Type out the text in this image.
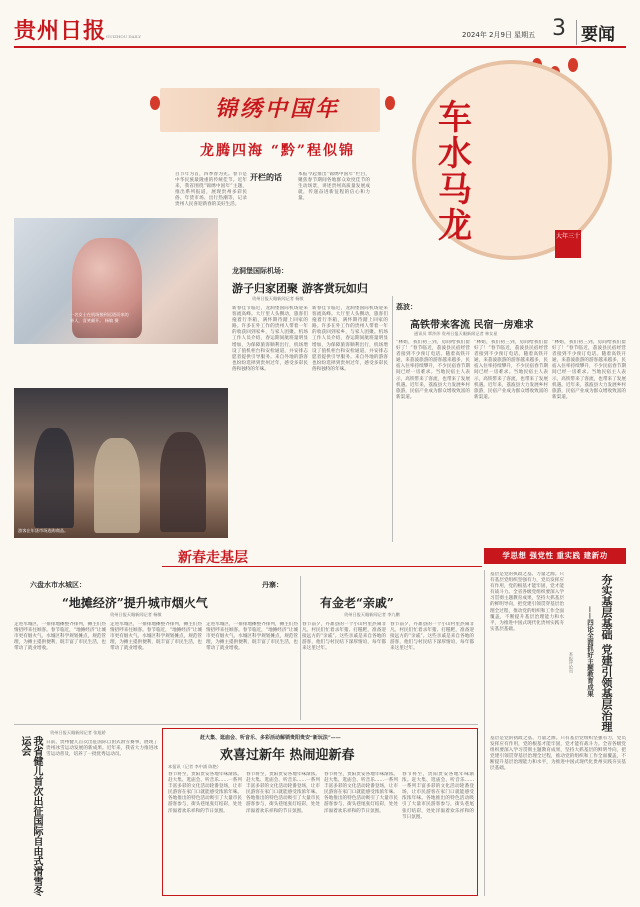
贵州日报 GUIZHOU DAILY	2024年 2月9日 星期五 3 要闻
锦绣中国年
龙腾四海 “黔”程似锦
车水马龙	大年三十
开栏的话
百节年为首，四季春为先。春节是中华民族最隆重的传统佳节。近年来，我省围绕“锦绣中国年”主题，推出系列报道，展现贵州多彩民俗、年货市场、出行热潮等，记录贵州人民喜迎新春的美好生活。
本报今起推出“锦绣中国年”栏目，聚焦春节期间各地群众欢度佳节的生动场景，讲述贵州高质量发展成就，传递奋进新征程的信心和力量。
一名女士在机场接到远道而来的亲人，喜笑颜开。 杨敏 摄
龙洞堡国际机场：
游子归家团聚 游客赏玩如归
贵州日报天眼新闻记者 杨敏
新春佳节临近，龙洞堡国际机场迎来客流高峰。大厅里人头攒动，旅客们拖着行李箱，满怀期待踏上回家的路。许多在外工作的贵州人带着一年的收获回到家乡，与家人团聚。机场工作人员介绍，春运期间航班量明显增加，为保障旅客顺利出行，机场增设了值机柜台和安检通道，并安排志愿者提供引导服务。来自外地的游客也纷纷选择到贵州过年，感受多彩民俗和独特的年味。
新春佳节临近，龙洞堡国际机场迎来客流高峰。大厅里人头攒动，旅客们拖着行李箱，满怀期待踏上回家的路。许多在外工作的贵州人带着一年的收获回到家乡，与家人团聚。机场工作人员介绍，春运期间航班量明显增加，为保障旅客顺利出行，机场增设了值机柜台和安检通道，并安排志愿者提供引导服务。来自外地的游客也纷纷选择到贵州过年，感受多彩民俗和独特的年味。
荔波：
高铁带来客流 民宿一房难求
通讯员 覃莎莎 贵州日报天眼新闻记者 林女星
“林姐，我们初三到，房间给我们留好了！”春节临近，荔波县民宿经营者接到不少预订电话。随着高铁开通，来荔波旅游的游客越来越多，民宿入住率持续攀升，不少民宿春节期间已经一房难求。当地民宿主人表示，高铁带来了客流，也带来了发展机遇。近年来，荔波县大力发展乡村旅游，民宿产业成为群众增收致富的新渠道。
“林姐，我们初三到，房间给我们留好了！”春节临近，荔波县民宿经营者接到不少预订电话。随着高铁开通，来荔波旅游的游客越来越多，民宿入住率持续攀升，不少民宿春节期间已经一房难求。当地民宿主人表示，高铁带来了客流，也带来了发展机遇。近年来，荔波县大力发展乡村旅游，民宿产业成为群众增收致富的新渠道。
“林姐，我们初三到，房间给我们留好了！”春节临近，荔波县民宿经营者接到不少预订电话。随着高铁开通，来荔波旅游的游客越来越多，民宿入住率持续攀升，不少民宿春节期间已经一房难求。当地民宿主人表示，高铁带来了客流，也带来了发展机遇。近年来，荔波县大力发展乡村旅游，民宿产业成为群众增收致富的新渠道。
游客在年货市场选购商品。
新春走基层	学思想 强党性 重实践 建新功
六盘水市水城区：
“地摊经济”提升城市烟火气
贵州日报天眼新闻记者 杨敏
走进水城区，一排排地摊整齐排列，摊主们热情招呼来往顾客。春节临近，“地摊经济”让城市更有烟火气。水城区科学规划摊点，规范管理，为摊主提供便利，既丰富了市民生活，也带动了就业增收。
走进水城区，一排排地摊整齐排列，摊主们热情招呼来往顾客。春节临近，“地摊经济”让城市更有烟火气。水城区科学规划摊点，规范管理，为摊主提供便利，既丰富了市民生活，也带动了就业增收。
走进水城区，一排排地摊整齐排列，摊主们热情招呼来往顾客。春节临近，“地摊经济”让城市更有烟火气。水城区科学规划摊点，规范管理，为摊主提供便利，既丰富了市民生活，也带动了就业增收。
丹寨：
有金老“亲戚”
贵州日报天眼新闻记者 李九鹏
春节前夕，丹寨县的一个小山村里热闹非凡。村民们忙着杀年猪、打糍粑，准备迎接远方的“亲戚”。这些亲戚是来自各地的游客，他们与村民结下深厚情谊，每年都来这里过年。
春节前夕，丹寨县的一个小山村里热闹非凡。村民们忙着杀年猪、打糍粑，准备迎接远方的“亲戚”。这些亲戚是来自各地的游客，他们与村民结下深厚情谊，每年都来这里过年。
我省健儿首次出征国际自由式滑雪冬运会
贵州日报天眼新闻记者 张旭娇
日前，贵州健儿首次出征国际自由式滑雪赛事，展现了贵州冰雪运动发展的新成果。近年来，我省大力推进冰雪运动普及，培养了一批优秀运动员。
赶大集、逛庙会、听音乐、多彩活动解锁贵阳贵安“新玩法”——
欢喜过新年 热闹迎新春
本报讯（记者 李中浦 陈艳）
春节将至，贵阳贵安各地年味渐浓。赶大集、逛庙会、听音乐……一系列丰富多彩的文化活动轮番登场，让市民游客在家门口就能感受浓浓年味。各地推出的特色活动吸引了大量市民游客参与，街头巷尾张灯结彩，处处洋溢着欢乐祥和的节日氛围。
春节将至，贵阳贵安各地年味渐浓。赶大集、逛庙会、听音乐……一系列丰富多彩的文化活动轮番登场，让市民游客在家门口就能感受浓浓年味。各地推出的特色活动吸引了大量市民游客参与，街头巷尾张灯结彩，处处洋溢着欢乐祥和的节日氛围。
春节将至，贵阳贵安各地年味渐浓。赶大集、逛庙会、听音乐……一系列丰富多彩的文化活动轮番登场，让市民游客在家门口就能感受浓浓年味。各地推出的特色活动吸引了大量市民游客参与，街头巷尾张灯结彩，处处洋溢着欢乐祥和的节日氛围。
春节将至，贵阳贵安各地年味渐浓。赶大集、逛庙会、听音乐……一系列丰富多彩的文化活动轮番登场，让市民游客在家门口就能感受浓浓年味。各地推出的特色活动吸引了大量市民游客参与，街头巷尾张灯结彩，处处洋溢着欢乐祥和的节日氛围。
夯实基层基础 党建引领基层治理
——四论全面抓好主题教育成果
本报评论员
基层是党的执政之基、力量之源。只有基层党组织坚强有力，党员发挥应有作用，党的根基才能牢固，党才能有战斗力。全省各级党组织要深入学习贯彻主题教育成果，坚持大抓基层的鲜明导向，把党建引领贯穿基层治理全过程，推动党的组织和工作全面覆盖，不断提升基层治理能力和水平，为推进中国式现代化贵州实践夯实基层基础。
基层是党的执政之基、力量之源。只有基层党组织坚强有力，党员发挥应有作用，党的根基才能牢固，党才能有战斗力。全省各级党组织要深入学习贯彻主题教育成果，坚持大抓基层的鲜明导向，把党建引领贯穿基层治理全过程，推动党的组织和工作全面覆盖，不断提升基层治理能力和水平，为推进中国式现代化贵州实践夯实基层基础。
